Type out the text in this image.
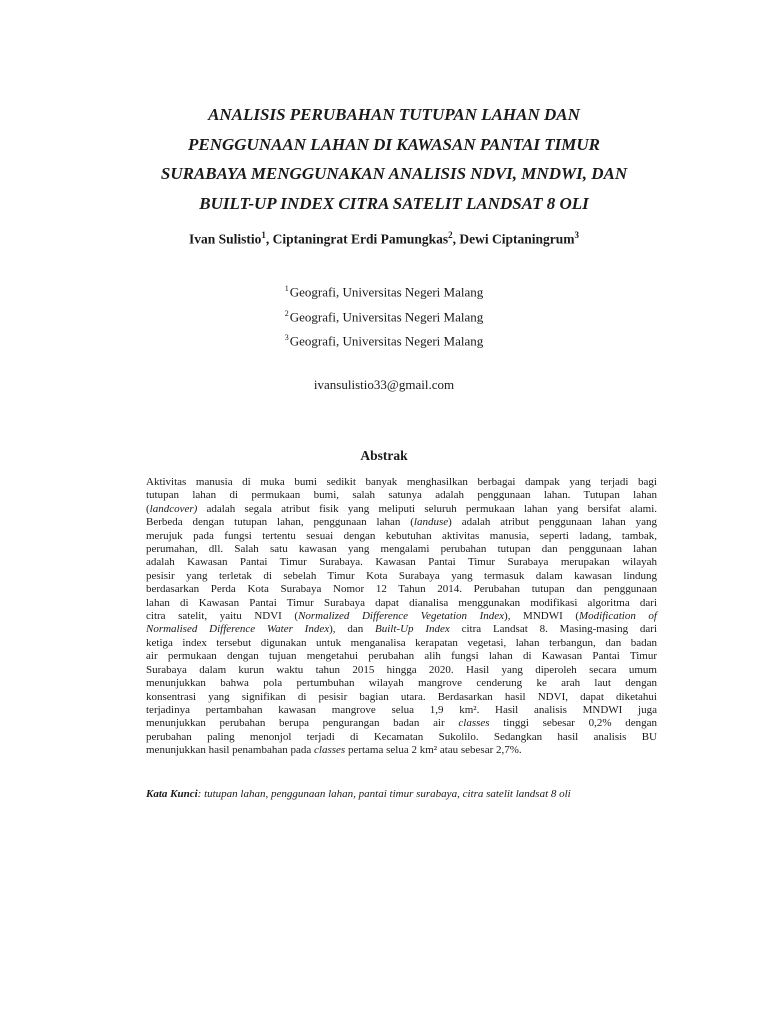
ANALISIS PERUBAHAN TUTUPAN LAHAN DAN
PENGGUNAAN LAHAN DI KAWASAN PANTAI TIMUR
SURABAYA MENGGUNAKAN ANALISIS NDVI, MNDWI, DAN
BUILT-UP INDEX CITRA SATELIT LANDSAT 8 OLI
Ivan Sulistio$^1$, Ciptaningrat Erdi Pamungkas$^2$, Dewi Ciptaningrum$^3$
$^1$Geografi, Universitas Negeri Malang
$^2$Geografi, Universitas Negeri Malang
$^3$Geografi, Universitas Negeri Malang
ivansulistio33@gmail.com
Abstrak
Aktivitas manusia di muka bumi sedikit banyak menghasilkan berbagai dampak yang terjadi bagi
tutupan lahan di permukaan bumi, salah satunya adalah penggunaan lahan. Tutupan lahan
(landcover) adalah segala atribut fisik yang meliputi seluruh permukaan lahan yang bersifat alami.
Berbeda dengan tutupan lahan, penggunaan lahan (landuse) adalah atribut penggunaan lahan yang
merujuk pada fungsi tertentu sesuai dengan kebutuhan aktivitas manusia, seperti ladang, tambak,
perumahan, dll. Salah satu kawasan yang mengalami perubahan tutupan dan penggunaan lahan
adalah Kawasan Pantai Timur Surabaya. Kawasan Pantai Timur Surabaya merupakan wilayah
pesisir yang terletak di sebelah Timur Kota Surabaya yang termasuk dalam kawasan lindung
berdasarkan Perda Kota Surabaya Nomor 12 Tahun 2014. Perubahan tutupan dan penggunaan
lahan di Kawasan Pantai Timur Surabaya dapat dianalisa menggunakan modifikasi algoritma dari
citra satelit, yaitu NDVI (Normalized Difference Vegetation Index), MNDWI (Modification of
Normalised Difference Water Index), dan Built-Up Index citra Landsat 8. Masing-masing dari
ketiga index tersebut digunakan untuk menganalisa kerapatan vegetasi, lahan terbangun, dan badan
air permukaan dengan tujuan mengetahui perubahan alih fungsi lahan di Kawasan Pantai Timur
Surabaya dalam kurun waktu tahun 2015 hingga 2020. Hasil yang diperoleh secara umum
menunjukkan bahwa pola pertumbuhan wilayah mangrove cenderung ke arah laut dengan
konsentrasi yang signifikan di pesisir bagian utara. Berdasarkan hasil NDVI, dapat diketahui
terjadinya pertambahan kawasan mangrove selua 1,9 km². Hasil analisis MNDWI juga
menunjukkan perubahan berupa pengurangan badan air classes tinggi sebesar 0,2% dengan
perubahan paling menonjol terjadi di Kecamatan Sukolilo. Sedangkan hasil analisis BU
menunjukkan hasil penambahan pada classes pertama selua 2 km² atau sebesar 2,7%.
Kata Kunci: tutupan lahan, penggunaan lahan, pantai timur surabaya, citra satelit landsat 8 oli
